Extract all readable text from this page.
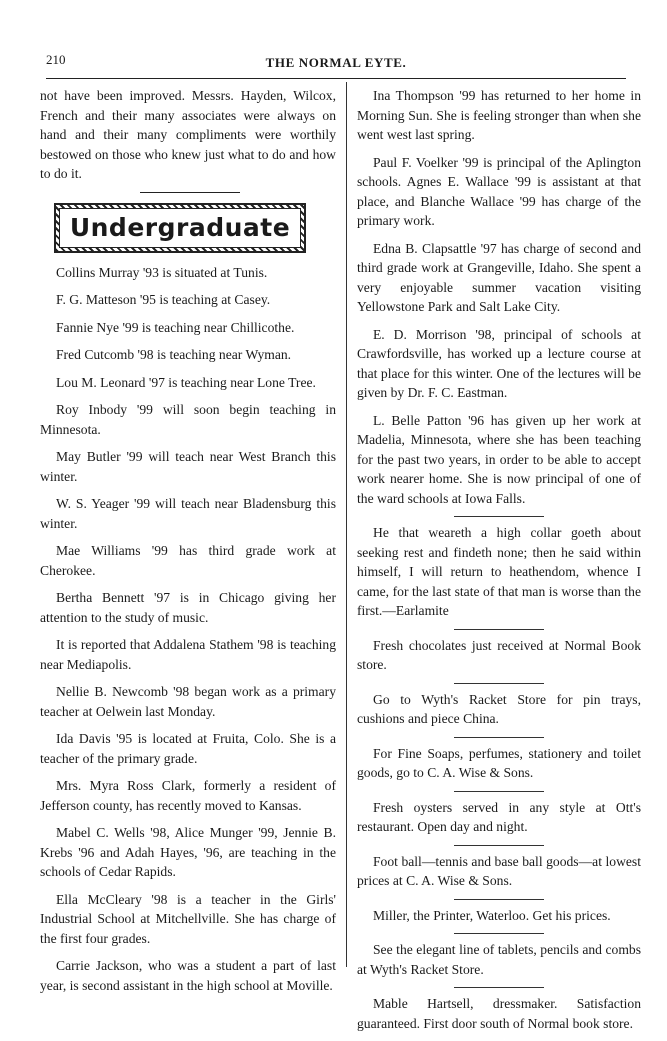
210	THE NORMAL EYTE.

not have been improved. Messrs. Hayden, Wilcox, French and their many associates were always on hand and their many compliments were worthily bestowed on those who knew just what to do and how to do it.

Undergraduate

Collins Murray '93 is situated at Tunis.

F. G. Matteson '95 is teaching at Casey.

Fannie Nye '99 is teaching near Chillicothe.

Fred Cutcomb '98 is teaching near Wyman.

Lou M. Leonard '97 is teaching near Lone Tree.

Roy Inbody '99 will soon begin teaching in Minnesota.

May Butler '99 will teach near West Branch this winter.

W. S. Yeager '99 will teach near Bladensburg this winter.

Mae Williams '99 has third grade work at Cherokee.

Bertha Bennett '97 is in Chicago giving her attention to the study of music.

It is reported that Addalena Stathem '98 is teaching near Mediapolis.

Nellie B. Newcomb '98 began work as a primary teacher at Oelwein last Monday.

Ida Davis '95 is located at Fruita, Colo. She is a teacher of the primary grade.

Mrs. Myra Ross Clark, formerly a resident of Jefferson county, has recently moved to Kansas.

Mabel C. Wells '98, Alice Munger '99, Jennie B. Krebs '96 and Adah Hayes, '96, are teaching in the schools of Cedar Rapids.

Ella McCleary '98 is a teacher in the Girls' Industrial School at Mitchellville. She has charge of the first four grades.

Carrie Jackson, who was a student a part of last year, is second assistant in the high school at Moville.

Ina Thompson '99 has returned to her home in Morning Sun. She is feeling stronger than when she went west last spring.

Paul F. Voelker '99 is principal of the Aplington schools. Agnes E. Wallace '99 is assistant at that place, and Blanche Wallace '99 has charge of the primary work.

Edna B. Clapsattle '97 has charge of second and third grade work at Grangeville, Idaho. She spent a very enjoyable summer vacation visiting Yellowstone Park and Salt Lake City.

E. D. Morrison '98, principal of schools at Crawfordsville, has worked up a lecture course at that place for this winter. One of the lectures will be given by Dr. F. C. Eastman.

L. Belle Patton '96 has given up her work at Madelia, Minnesota, where she has been teaching for the past two years, in order to be able to accept work nearer home. She is now principal of one of the ward schools at Iowa Falls.

He that weareth a high collar goeth about seeking rest and findeth none; then he said within himself, I will return to heathendom, whence I came, for the last state of that man is worse than the first.—Earlamite

Fresh chocolates just received at Normal Book store.

Go to Wyth's Racket Store for pin trays, cushions and piece China.

For Fine Soaps, perfumes, stationery and toilet goods, go to C. A. Wise & Sons.

Fresh oysters served in any style at Ott's restaurant. Open day and night.

Foot ball—tennis and base ball goods—at lowest prices at C. A. Wise & Sons.

Miller, the Printer, Waterloo. Get his prices.

See the elegant line of tablets, pencils and combs at Wyth's Racket Store.

Mable Hartsell, dressmaker. Satisfaction guaranteed. First door south of Normal book store.
